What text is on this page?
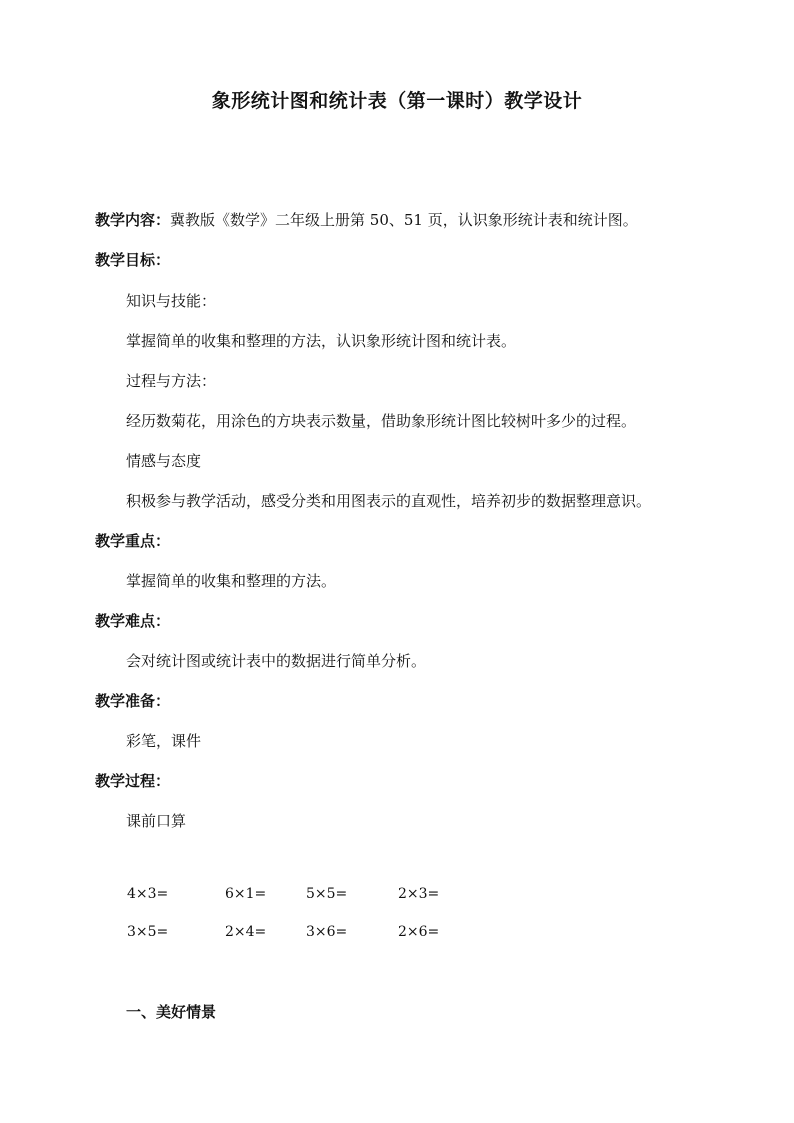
象形统计图和统计表（第一课时）教学设计
教学内容：冀教版《数学》二年级上册第 50、51 页，认识象形统计表和统计图。
教学目标：
知识与技能：
掌握简单的收集和整理的方法，认识象形统计图和统计表。
过程与方法：
经历数菊花，用涂色的方块表示数量，借助象形统计图比较树叶多少的过程。
情感与态度
积极参与教学活动，感受分类和用图表示的直观性，培养初步的数据整理意识。
教学重点：
掌握简单的收集和整理的方法。
教学难点：
会对统计图或统计表中的数据进行简单分析。
教学准备：
彩笔，课件
教学过程：
课前口算
4×3=	6×1=	5×5=	2×3=
3×5=	2×4=	3×6=	2×6=
一、美好情景
